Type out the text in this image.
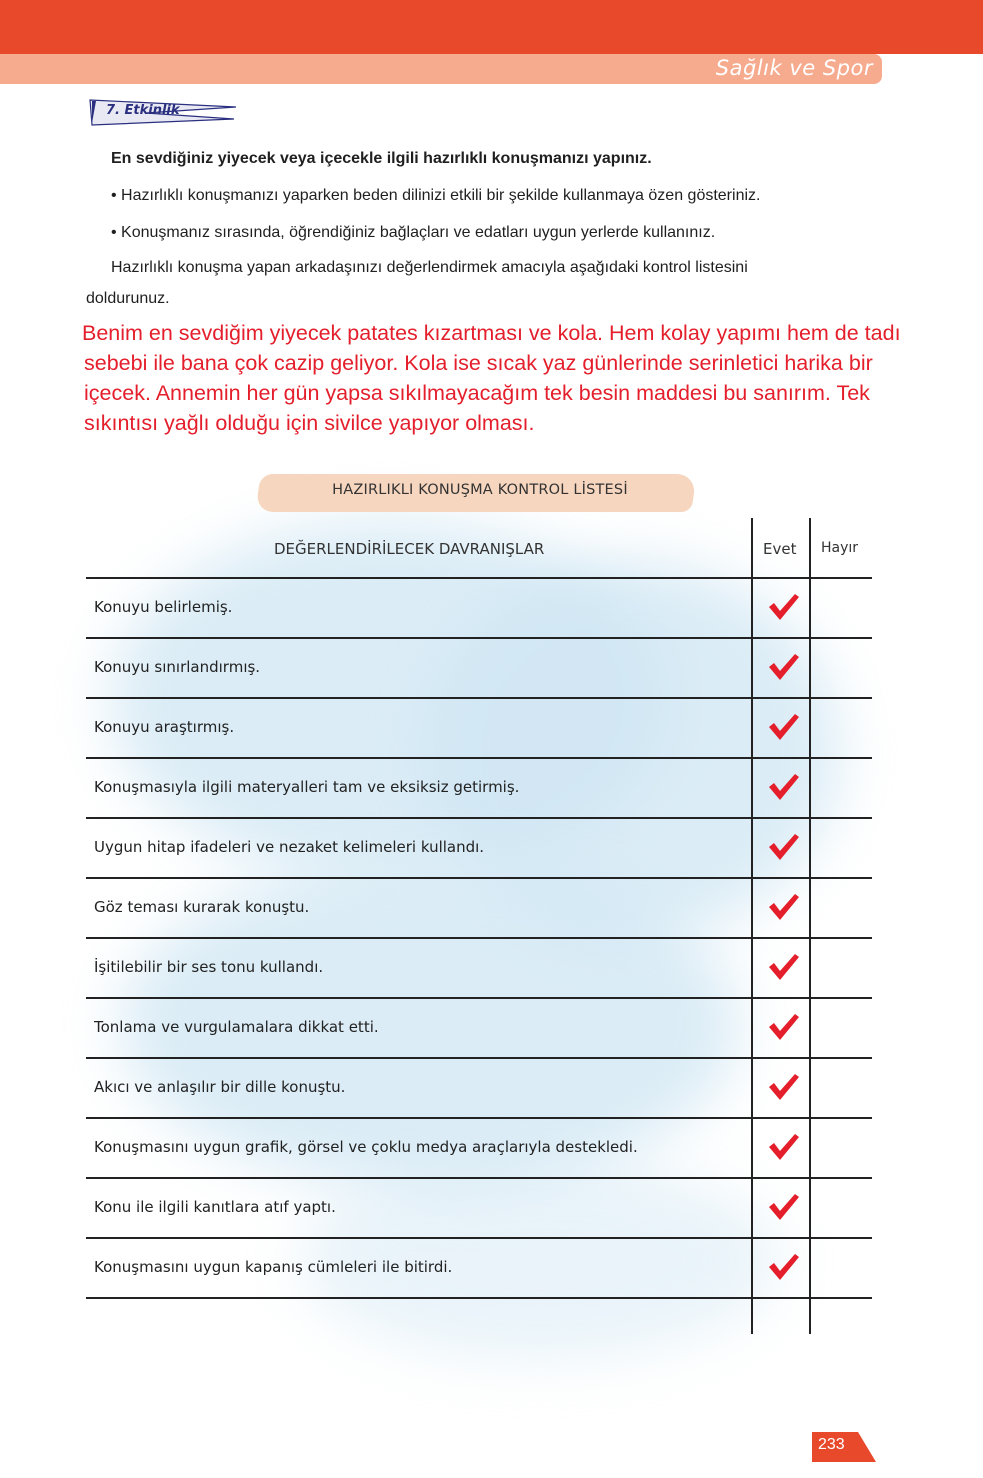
Sağlık ve Spor
7. Etkinlik
En sevdiğiniz yiyecek veya içecekle ilgili hazırlıklı konuşmanızı yapınız.
• Hazırlıklı konuşmanızı yaparken beden dilinizi etkili bir şekilde kullanmaya özen gösteriniz.
• Konuşmanız sırasında, öğrendiğiniz bağlaçları ve edatları uygun yerlerde kullanınız.
Hazırlıklı konuşma yapan arkadaşınızı değerlendirmek amacıyla aşağıdaki kontrol listesini
doldurunuz.
Benim en sevdiğim yiyecek patates kızartması ve kola. Hem kolay yapımı hem de tadı
sebebi ile bana çok cazip geliyor. Kola ise sıcak yaz günlerinde serinletici harika bir
içecek. Annemin her gün yapsa sıkılmayacağım tek besin maddesi bu sanırım. Tek
sıkıntısı yağlı olduğu için sivilce yapıyor olması.
HAZIRLIKLI KONUŞMA KONTROL LİSTESİ
DEĞERLENDİRİLECEK DAVRANIŞLAR	Evet Hayır
Konuyu belirlemiş.
Konuyu sınırlandırmış.
Konuyu araştırmış.
Konuşmasıyla ilgili materyalleri tam ve eksiksiz getirmiş.
Uygun hitap ifadeleri ve nezaket kelimeleri kullandı.
Göz teması kurarak konuştu.
İşitilebilir bir ses tonu kullandı.
Tonlama ve vurgulamalara dikkat etti.
Akıcı ve anlaşılır bir dille konuştu.
Konuşmasını uygun grafik, görsel ve çoklu medya araçlarıyla destekledi.
Konu ile ilgili kanıtlara atıf yaptı.
Konuşmasını uygun kapanış cümleleri ile bitirdi.
233
